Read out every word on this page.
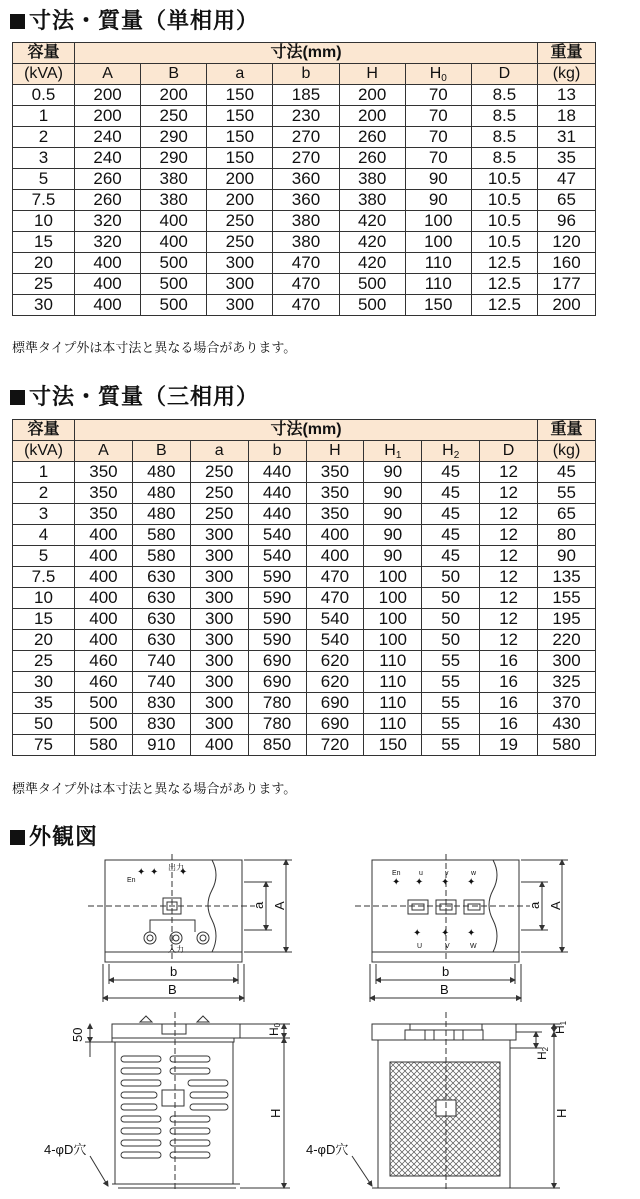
寸法・質量（単相用）
容量	寸法(mm)							重量
(kVA)	A	B	a	b	H	$H_0$	D	(kg)
0.5	200	200	150	185	200	70	8.5	13
1	200	250	150	230	200	70	8.5	18
2	240	290	150	270	260	70	8.5	31
3	240	290	150	270	260	70	8.5	35
5	260	380	200	360	380	90	10.5	47
7.5	260	380	200	360	380	90	10.5	65
10	320	400	250	380	420	100	10.5	96
15	320	400	250	380	420	100	10.5	120
20	400	500	300	470	420	110	12.5	160
25	400	500	300	470	500	110	12.5	177
30	400	500	300	470	500	150	12.5	200
標準タイプ外は本寸法と異なる場合があります。
寸法・質量（三相用）
容量	寸法(mm)								重量
(kVA)	A	B	a	b	H	$H_1$	$H_2$	D	(kg)
1	350	480	250	440	350	90	45	12	45
2	350	480	250	440	350	90	45	12	55
3	350	480	250	440	350	90	45	12	65
4	400	580	300	540	400	90	45	12	80
5	400	580	300	540	400	90	45	12	90
7.5	400	630	300	590	470	100	50	12	135
10	400	630	300	590	470	100	50	12	155
15	400	630	300	590	540	100	50	12	195
20	400	630	300	590	540	100	50	12	220
25	460	740	300	690	620	110	55	16	300
30	460	740	300	690	620	110	55	16	325
35	500	830	300	780	690	110	55	16	370
50	500	830	300	780	690	110	55	16	430
75	580	910	400	850	720	150	55	19	580
標準タイプ外は本寸法と異なる場合があります。
外観図
✦ ✦ ✦
出力
En
入力
a A
b
B
✦ ✦ ✦ ✦
✦ ✦ ✦
En	u	v	w
U	V	W
a A
b
B
H0
H
50
4-φD穴
H1
H2
H
4-φD穴
